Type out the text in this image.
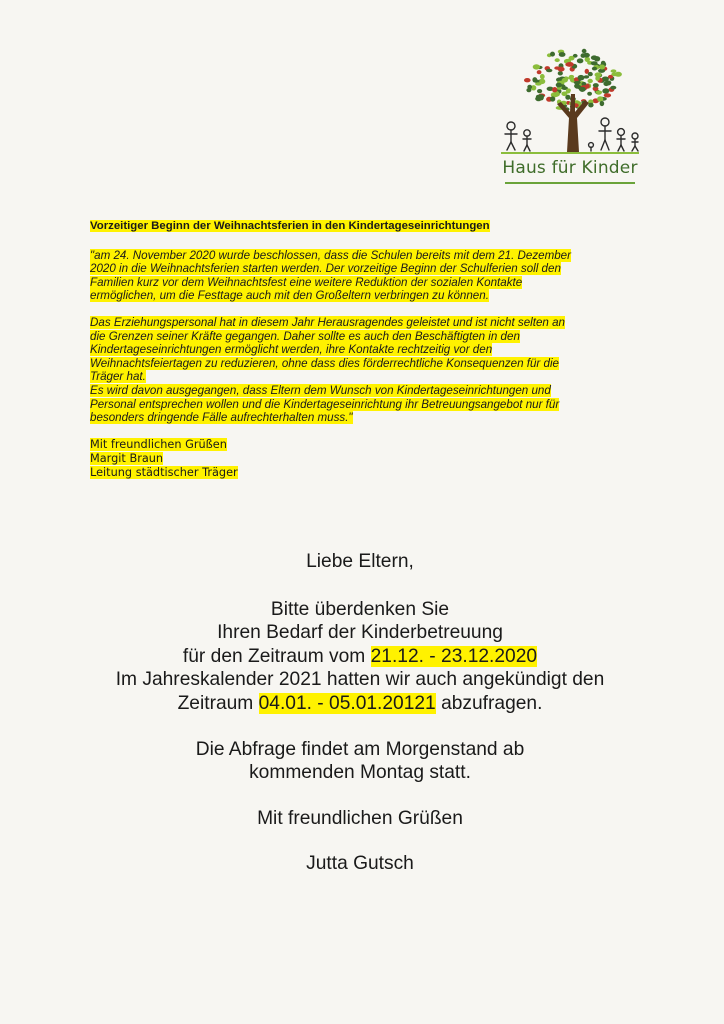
Haus für Kinder
Vorzeitiger Beginn der Weihnachtsferien in den Kindertageseinrichtungen

"am 24. November 2020 wurde beschlossen, dass die Schulen bereits mit dem 21. Dezember

2020 in die Weihnachtsferien starten werden. Der vorzeitige Beginn der Schulferien soll den

Familien kurz vor dem Weihnachtsfest eine weitere Reduktion der sozialen Kontakte

ermöglichen, um die Festtage auch mit den Großeltern verbringen zu können.

Das Erziehungspersonal hat in diesem Jahr Herausragendes geleistet und ist nicht selten an

die Grenzen seiner Kräfte gegangen. Daher sollte es auch den Beschäftigten in den

Kindertageseinrichtungen ermöglicht werden, ihre Kontakte rechtzeitig vor den

Weihnachtsfeiertagen zu reduzieren, ohne dass dies förderrechtliche Konsequenzen für die

Träger hat.

Es wird davon ausgegangen, dass Eltern dem Wunsch von Kindertageseinrichtungen und

Personal entsprechen wollen und die Kindertageseinrichtung ihr Betreuungsangebot nur für

besonders dringende Fälle aufrechterhalten muss."

Mit freundlichen Grüßen
Margit Braun
Leitung städtischer Träger

Liebe Eltern,

Bitte überdenken Sie

Ihren Bedarf der Kinderbetreuung

für den Zeitraum vom 21.12. - 23.12.2020

Im Jahreskalender 2021 hatten wir auch angekündigt den

Zeitraum 04.01. - 05.01.20121 abzufragen.

Die Abfrage findet am Morgenstand ab

kommenden Montag statt.

Mit freundlichen Grüßen

Jutta Gutsch
